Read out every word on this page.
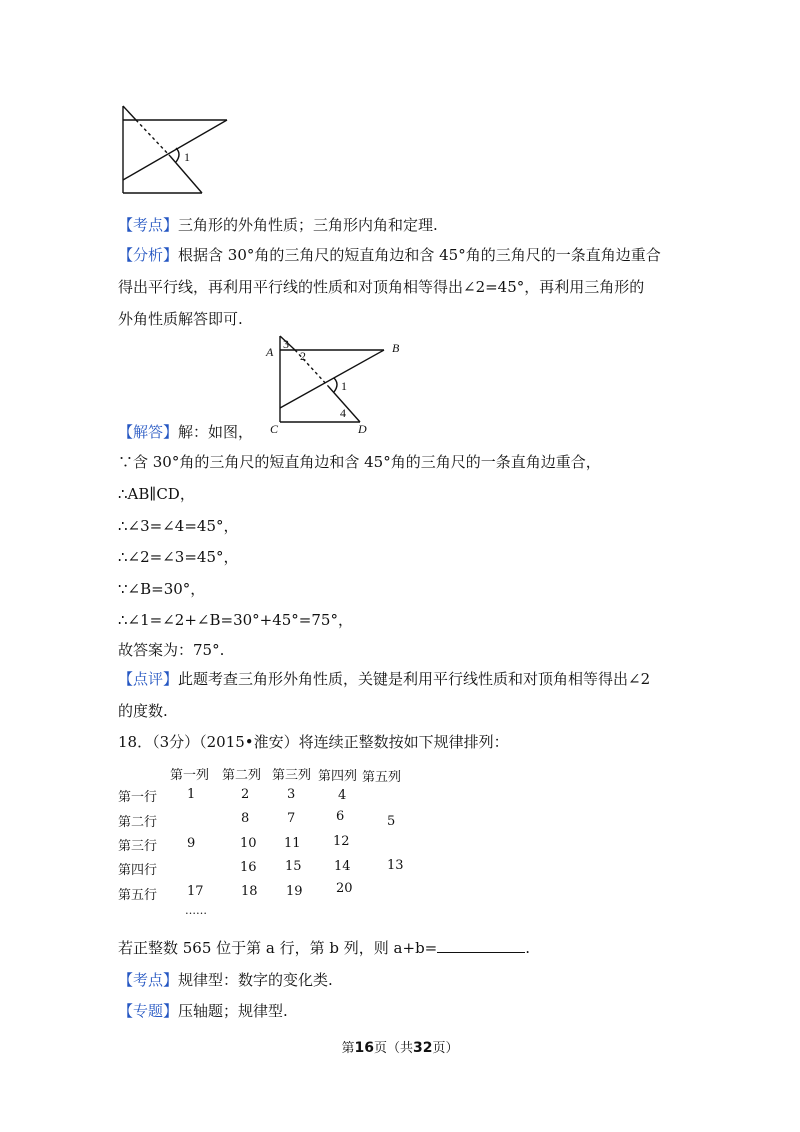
1
【考点】三角形的外角性质；三角形内角和定理.
【分析】根据含 30°角的三角尺的短直角边和含 45°角的三角尺的一条直角边重合
得出平行线，再利用平行线的性质和对顶角相等得出∠2=45°，再利用三角形的
外角性质解答即可.
A	B
C	D
3
2
1
4
【解答】解：如图，
∵含 30°角的三角尺的短直角边和含 45°角的三角尺的一条直角边重合，
∴AB∥CD，
∴∠3=∠4=45°，
∴∠2=∠3=45°，
∵∠B=30°，
∴∠1=∠2+∠B=30°+45°=75°，
故答案为：75°.
【点评】此题考查三角形外角性质，关键是利用平行线性质和对顶角相等得出∠2
的度数.
18．（3分）（2015•淮安）将连续正整数按如下规律排列：
第一列 第二列 第三列 第四列 第五列
第一行 1	2	3	4
第二行	8	7	6	5
第三行 9	10 11 12
第四行	16 15 14	13
第五行 17	18 19	20
……
若正整数 565 位于第 a 行，第 b 列，则 a+b=	.
【考点】规律型：数字的变化类.
【专题】压轴题；规律型.
第16页（共32页）
